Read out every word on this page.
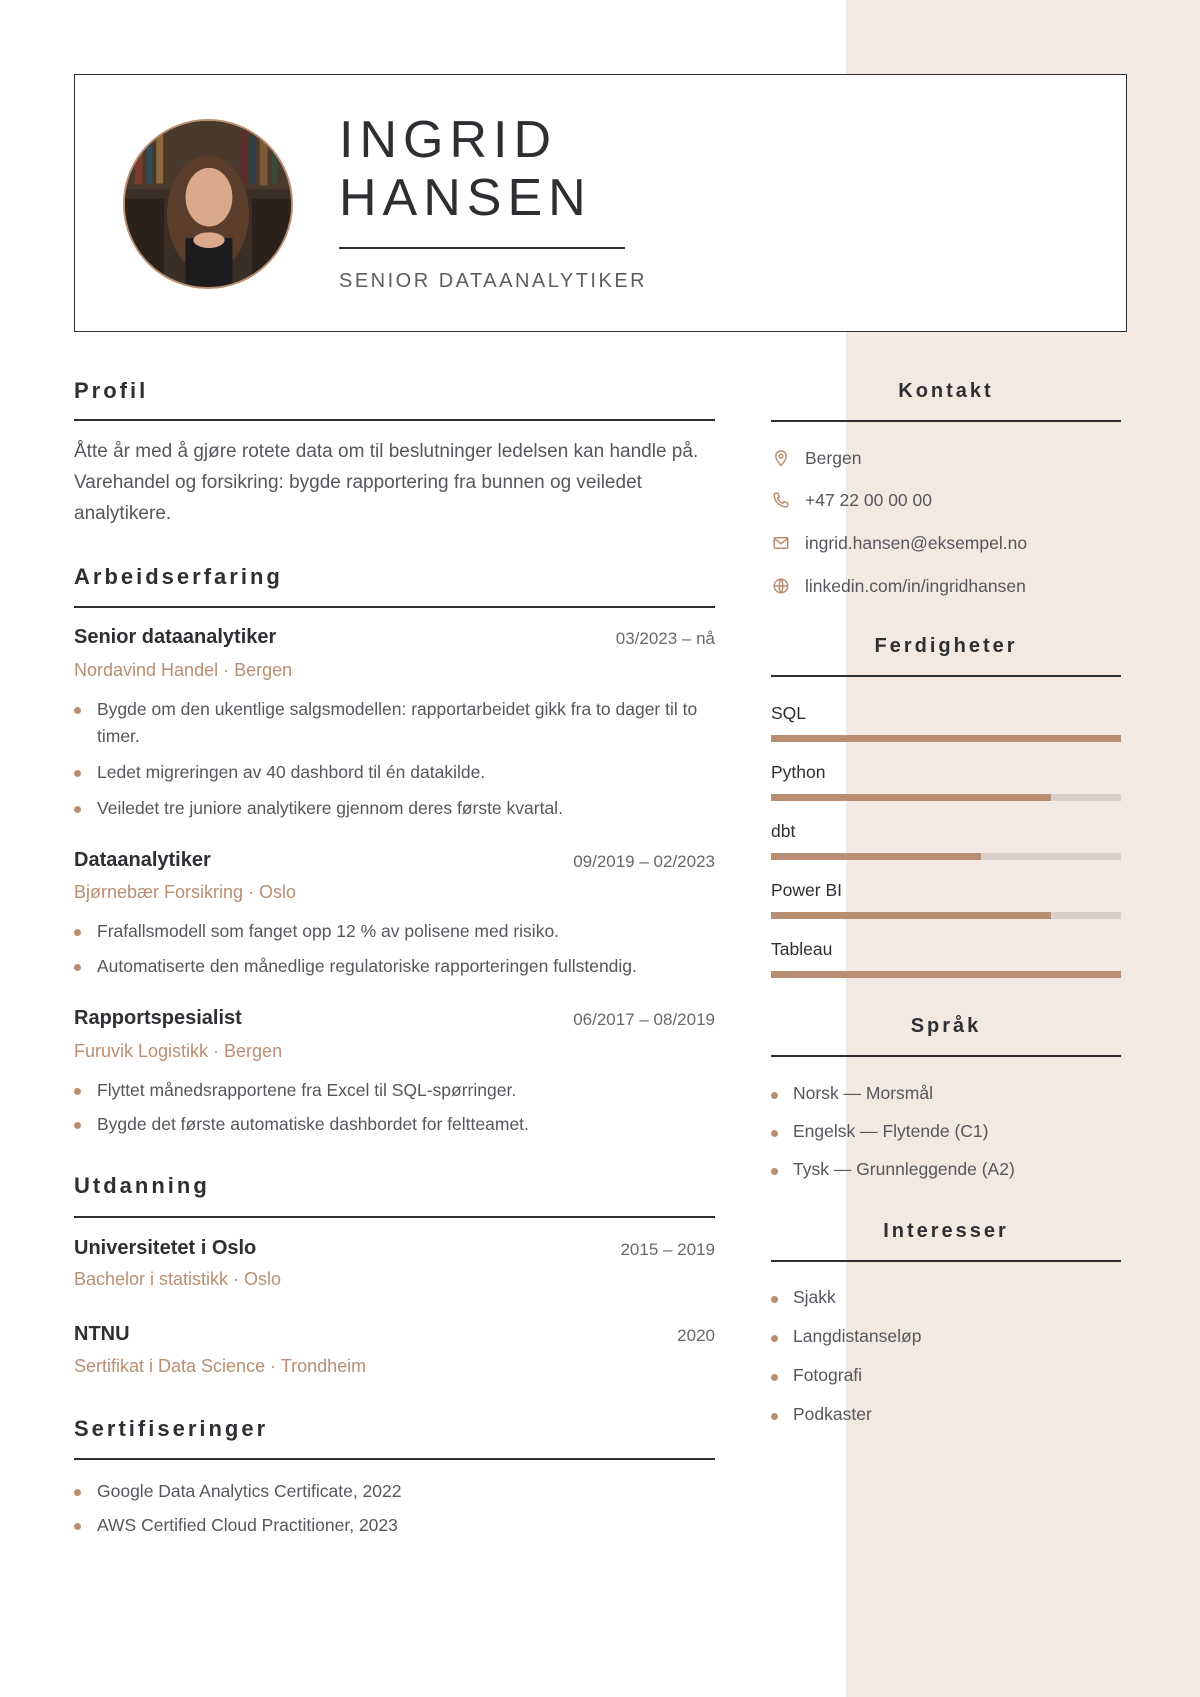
INGRID
HANSEN
SENIOR DATAANALYTIKER
Profil
Åtte år med å gjøre rotete data om til beslutninger ledelsen kan handle på. Varehandel og forsikring: bygde rapportering fra bunnen og veiledet analytikere.
Arbeidserfaring
Senior dataanalytiker	03/2023 – nå
Nordavind Handel · Bergen
Bygde om den ukentlige salgsmodellen: rapportarbeidet gikk fra to dager til to timer.
Ledet migreringen av 40 dashbord til én datakilde.
Veiledet tre juniore analytikere gjennom deres første kvartal.
Dataanalytiker	09/2019 – 02/2023
Bjørnebær Forsikring · Oslo
Frafallsmodell som fanget opp 12 % av polisene med risiko.
Automatiserte den månedlige regulatoriske rapporteringen fullstendig.
Rapportspesialist	06/2017 – 08/2019
Furuvik Logistikk · Bergen
Flyttet månedsrapportene fra Excel til SQL-spørringer.
Bygde det første automatiske dashbordet for feltteamet.
Utdanning
Universitetet i Oslo	2015 – 2019
Bachelor i statistikk · Oslo
NTNU	2020
Sertifikat i Data Science · Trondheim
Sertifiseringer
Google Data Analytics Certificate, 2022
AWS Certified Cloud Practitioner, 2023
Kontakt
Bergen
+47 22 00 00 00
ingrid.hansen@eksempel.no
linkedin.com/in/ingridhansen
Ferdigheter
SQL
Python
dbt
Power BI
Tableau
Språk
Norsk — Morsmål
Engelsk — Flytende (C1)
Tysk — Grunnleggende (A2)
Interesser
Sjakk
Langdistanseløp
Fotografi
Podkaster
